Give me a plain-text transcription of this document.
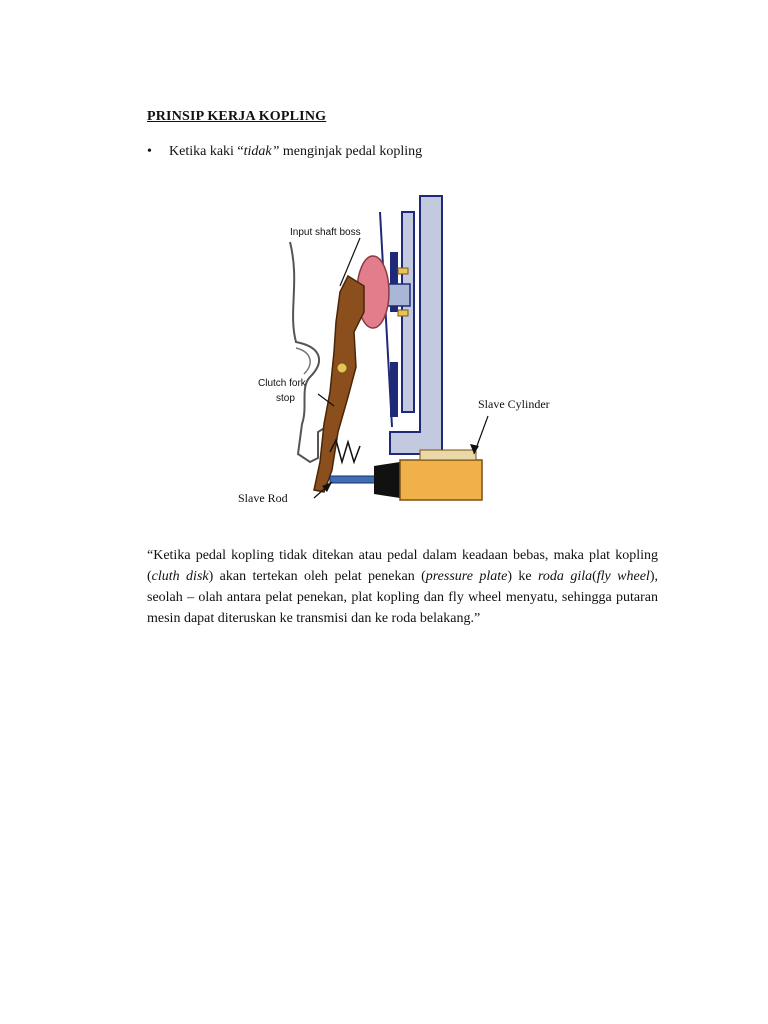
PRINSIP KERJA KOPLING
•	Ketika kaki “tidak” menginjak pedal kopling
Input shaft boss
Clutch fork
stop	Slave Cylinder
Slave Rod
“Ketika pedal kopling tidak ditekan atau pedal dalam keadaan bebas, maka plat kopling (cluth disk) akan tertekan oleh pelat penekan (pressure plate) ke roda gila(fly wheel), seolah – olah antara pelat penekan, plat kopling dan fly wheel menyatu, sehingga putaran mesin dapat diteruskan ke transmisi dan ke roda belakang.”
